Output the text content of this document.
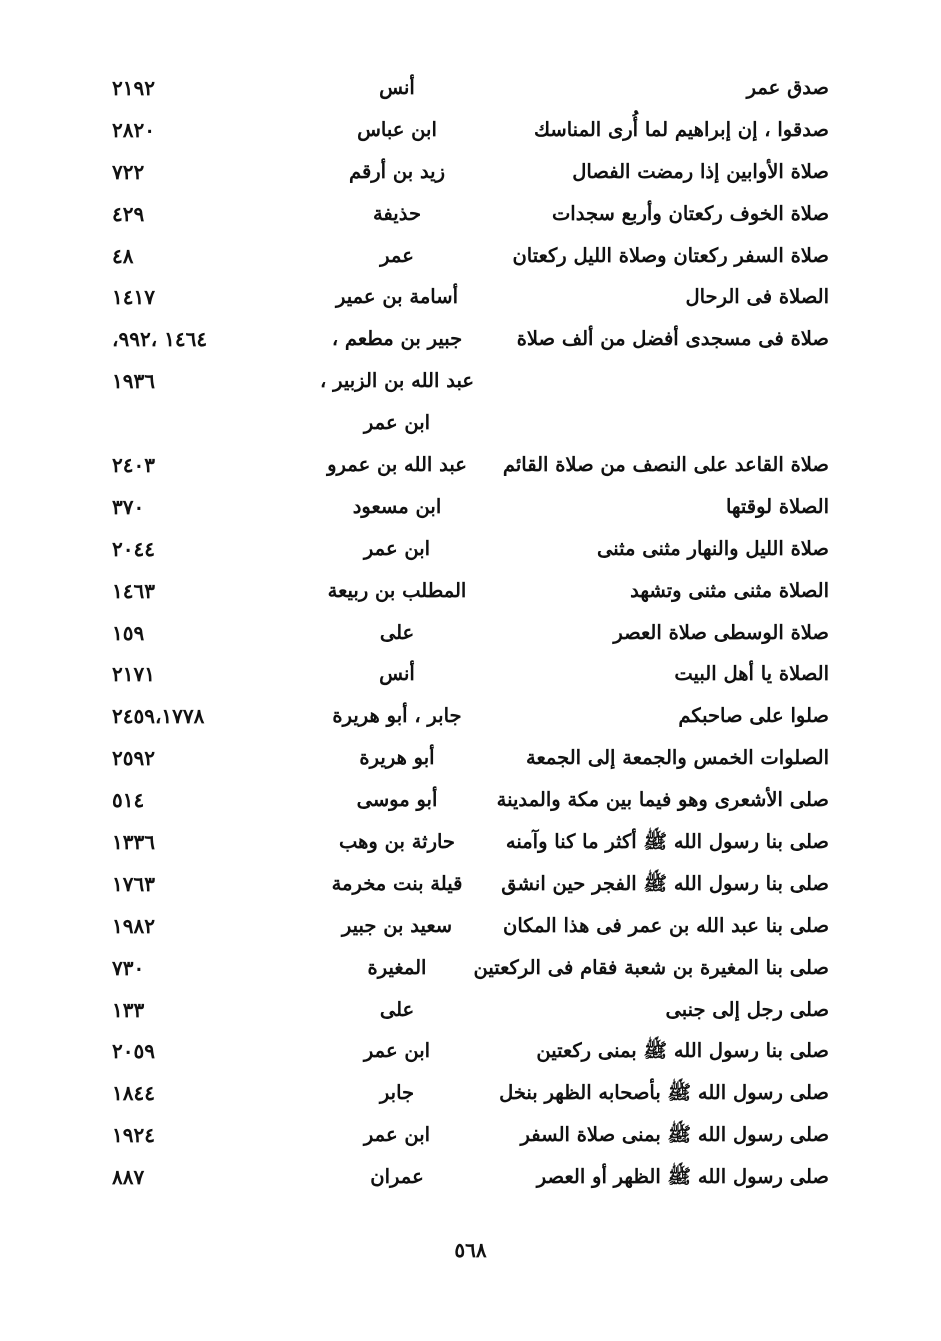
صدق عمر
أنس
٢١٩٢
صدقوا ، إن إبراهيم لما أُرى المناسك
ابن عباس
٢٨٢٠
صلاة الأوابين إذا رمضت الفصال
زيد بن أرقم
٧٢٢
صلاة الخوف ركعتان وأربع سجدات
حذيفة
٤٢٩
صلاة السفر ركعتان وصلاة الليل ركعتان
عمر
٤٨
الصلاة فى الرحال
أسامة بن عمير
١٤١٧
صلاة فى مسجدى أفضل من ألف صلاة
جبير بن مطعم ،
،١٤٦٤ ،٩٩٢
عبد الله بن الزبير ،
١٩٣٦
ابن عمر
صلاة القاعد على النصف من صلاة القائم
عبد الله بن عمرو
٢٤٠٣
الصلاة لوقتها
ابن مسعود
٣٧٠
صلاة الليل والنهار مثنى مثنى
ابن عمر
٢٠٤٤
الصلاة مثنى مثنى وتشهد
المطلب بن ربيعة
١٤٦٣
صلاة الوسطى صلاة العصر
على
١٥٩
الصلاة يا أهل البيت
أنس
٢١٧١
صلوا على صاحبكم
جابر ، أبو هريرة
٢٤٥٩،١٧٧٨
الصلوات الخمس والجمعة إلى الجمعة
أبو هريرة
٢٥٩٢
صلى الأشعرى وهو فيما بين مكة والمدينة
أبو موسى
٥١٤
صلى بنا رسول الله ﷺ أكثر ما كنا وآمنه
حارثة بن وهب
١٣٣٦
صلى بنا رسول الله ﷺ الفجر حين انشق
قيلة بنت مخرمة
١٧٦٣
صلى بنا عبد الله بن عمر فى هذا المكان
سعيد بن جبير
١٩٨٢
صلى بنا المغيرة بن شعبة فقام فى الركعتين
المغيرة
٧٣٠
صلى رجل إلى جنبى
على
١٣٣
صلى بنا رسول الله ﷺ بمنى ركعتين
ابن عمر
٢٠٥٩
صلى رسول الله ﷺ بأصحابه الظهر بنخل
جابر
١٨٤٤
صلى رسول الله ﷺ بمنى صلاة السفر
ابن عمر
١٩٢٤
صلى رسول الله ﷺ الظهر أو العصر
عمران
٨٨٧
٥٦٨
